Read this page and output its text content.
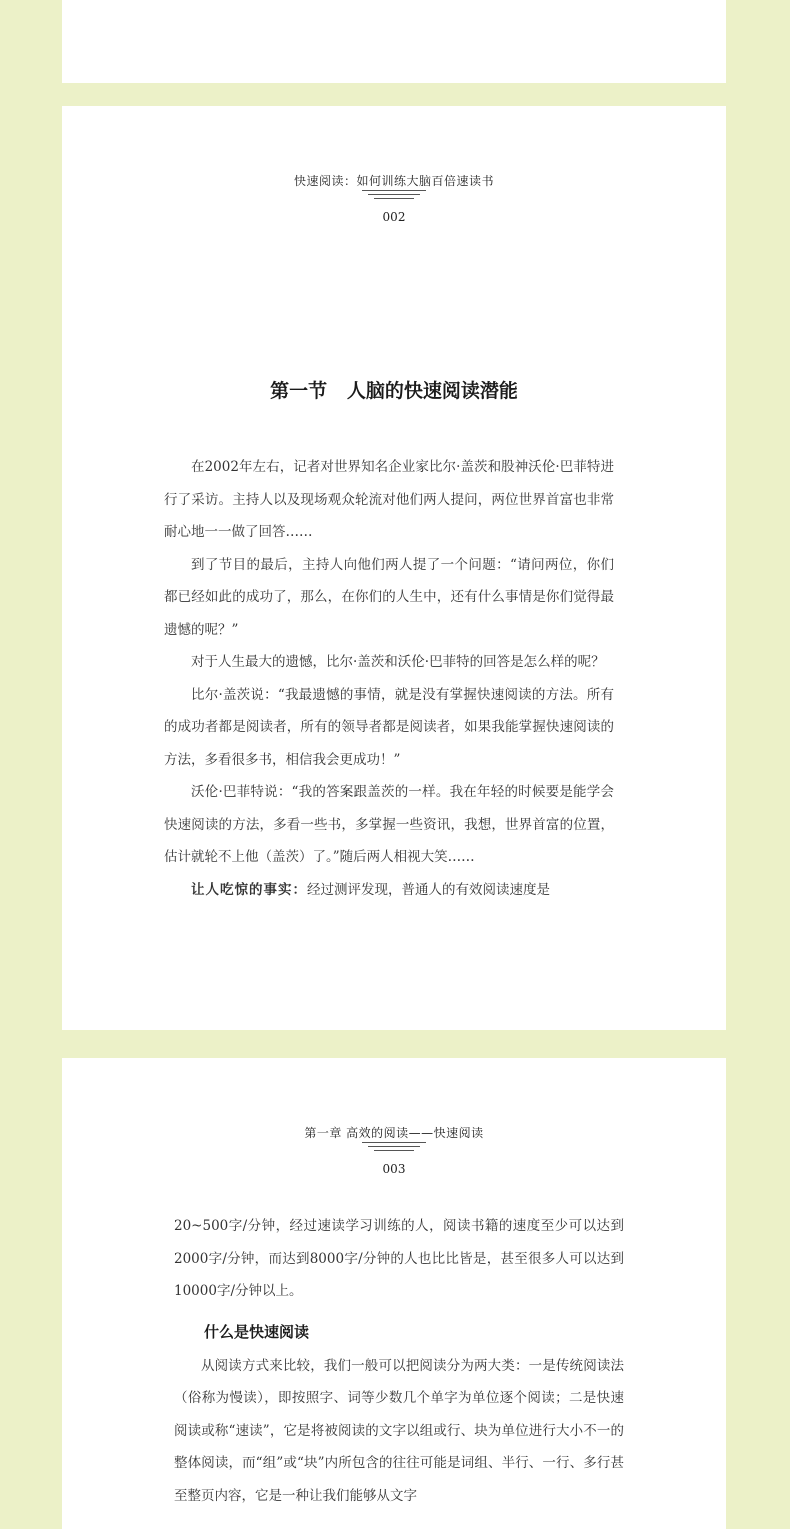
快速阅读：如何训练大脑百倍速读书
002
第一节   人脑的快速阅读潜能

在2002年左右，记者对世界知名企业家比尔·盖茨和股神沃伦·巴菲特进行了采访。主持人以及现场观众轮流对他们两人提问，两位世界首富也非常耐心地一一做了回答……

到了节目的最后，主持人向他们两人提了一个问题：“请问两位，你们都已经如此的成功了，那么，在你们的人生中，还有什么事情是你们觉得最遗憾的呢？”

对于人生最大的遗憾，比尔·盖茨和沃伦·巴菲特的回答是怎么样的呢？

比尔·盖茨说：“我最遗憾的事情，就是没有掌握快速阅读的方法。所有的成功者都是阅读者，所有的领导者都是阅读者，如果我能掌握快速阅读的方法，多看很多书，相信我会更成功！”

沃伦·巴菲特说：“我的答案跟盖茨的一样。我在年轻的时候要是能学会快速阅读的方法，多看一些书，多掌握一些资讯，我想，世界首富的位置，估计就轮不上他（盖茨）了。”随后两人相视大笑……

让人吃惊的事实：经过测评发现，普通人的有效阅读速度是

第一章 高效的阅读——快速阅读
003

20~500字/分钟，经过速读学习训练的人，阅读书籍的速度至少可以达到2000字/分钟，而达到8000字/分钟的人也比比皆是，甚至很多人可以达到10000字/分钟以上。

什么是快速阅读

从阅读方式来比较，我们一般可以把阅读分为两大类：一是传统阅读法（俗称为慢读），即按照字、词等少数几个单字为单位逐个阅读；二是快速阅读或称“速读”，它是将被阅读的文字以组或行、块为单位进行大小不一的整体阅读，而“组”或“块”内所包含的往往可能是词组、半行、一行、多行甚至整页内容，它是一种让我们能够从文字
